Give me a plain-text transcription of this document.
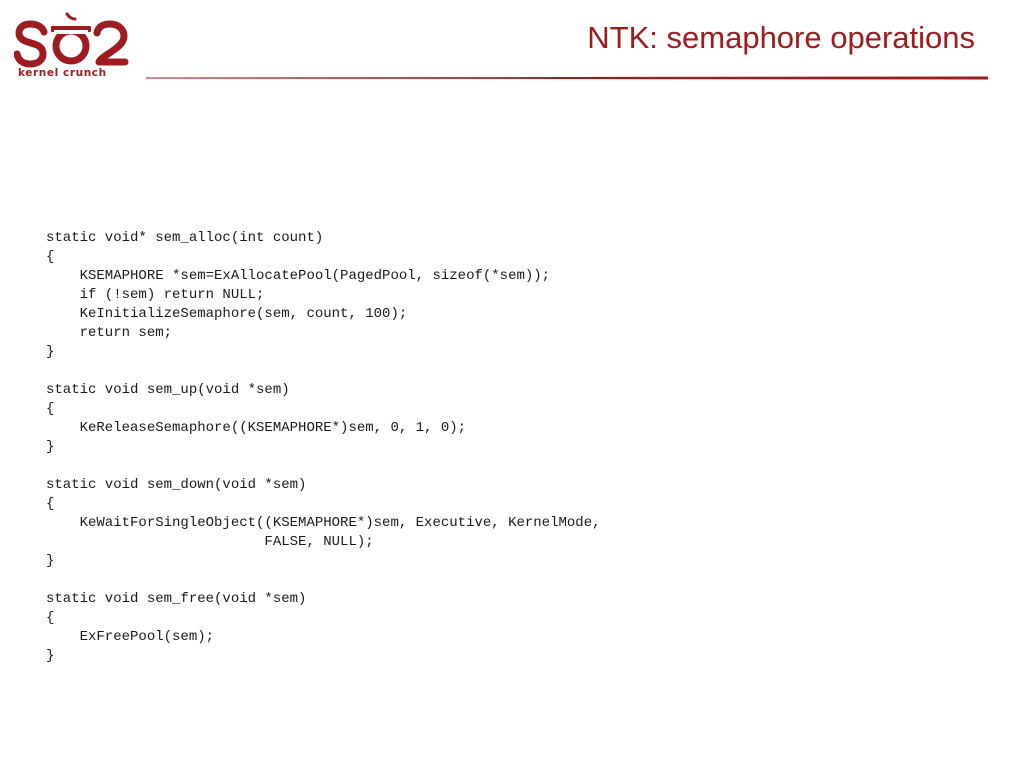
kernel crunch
NTK: semaphore operations
static void* sem_alloc(int count)
{
KSEMAPHORE *sem=ExAllocatePool(PagedPool, sizeof(*sem));
if (!sem) return NULL;
KeInitializeSemaphore(sem, count, 100);
return sem;
}

static void sem_up(void *sem)
{
KeReleaseSemaphore((KSEMAPHORE*)sem, 0, 1, 0);
}

static void sem_down(void *sem)
{
KeWaitForSingleObject((KSEMAPHORE*)sem, Executive, KernelMode,
FALSE, NULL);
}

static void sem_free(void *sem)
{
ExFreePool(sem);
}
